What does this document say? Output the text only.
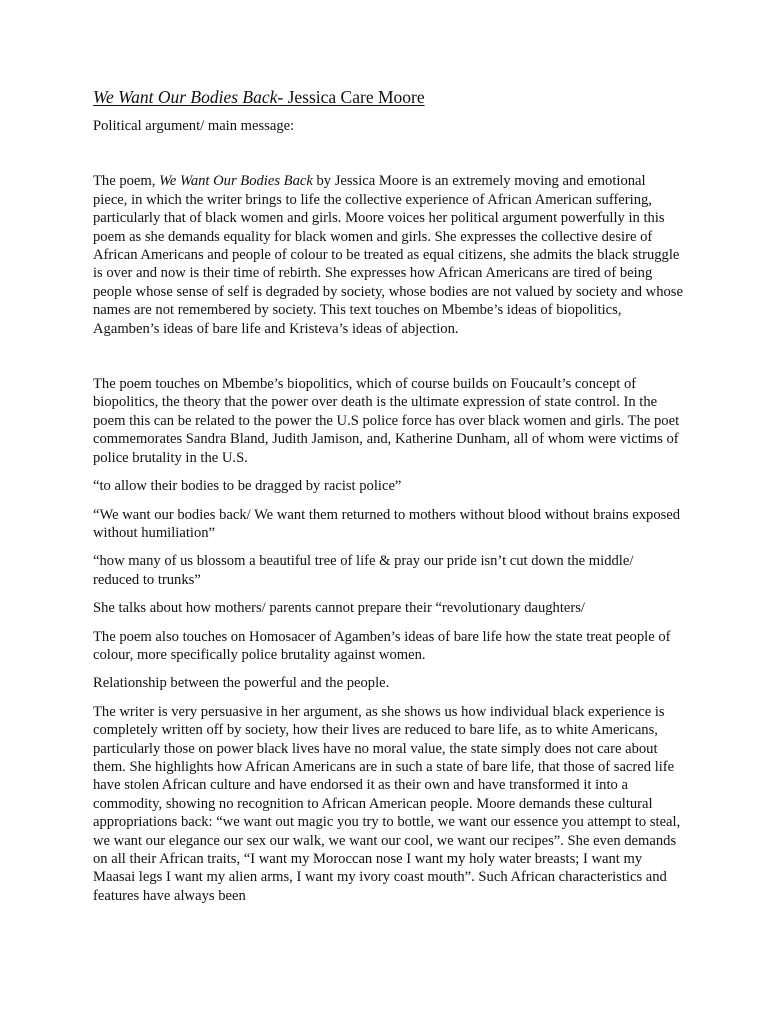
We Want Our Bodies Back- Jessica Care Moore

Political argument/ main message:

The poem, We Want Our Bodies Back by Jessica Moore is an extremely moving and emotional piece, in which the writer brings to life the collective experience of African American suffering, particularly that of black women and girls. Moore voices her political argument powerfully in this poem as she demands equality for black women and girls. She expresses the collective desire of African Americans and people of colour to be treated as equal citizens, she admits the black struggle is over and now is their time of rebirth. She expresses how African Americans are tired of being people whose sense of self is degraded by society, whose bodies are not valued by society and whose names are not remembered by society. This text touches on Mbembe’s ideas of biopolitics, Agamben’s ideas of bare life and Kristeva’s ideas of abjection.

The poem touches on Mbembe’s biopolitics, which of course builds on Foucault’s concept of biopolitics, the theory that the power over death is the ultimate expression of state control. In the poem this can be related to the power the U.S police force has over black women and girls. The poet commemorates Sandra Bland, Judith Jamison, and, Katherine Dunham, all of whom were victims of police brutality in the U.S.

“to allow their bodies to be dragged by racist police”

“We want our bodies back/ We want them returned to mothers without blood without brains exposed without humiliation”

“how many of us blossom a beautiful tree of life & pray our pride isn’t cut down the middle/ reduced to trunks”

She talks about how mothers/ parents cannot prepare their “revolutionary daughters/

The poem also touches on Homosacer of Agamben’s ideas of bare life how the state treat people of colour, more specifically police brutality against women.

Relationship between the powerful and the people.

The writer is very persuasive in her argument, as she shows us how individual black experience is completely written off by society, how their lives are reduced to bare life, as to white Americans, particularly those on power black lives have no moral value, the state simply does not care about them. She highlights how African Americans are in such a state of bare life, that those of sacred life have stolen African culture and have endorsed it as their own and have transformed it into a commodity, showing no recognition to African American people. Moore demands these cultural appropriations back: “we want out magic you try to bottle, we want our essence you attempt to steal, we want our elegance our sex our walk, we want our cool, we want our recipes”. She even demands on all their African traits, “I want my Moroccan nose I want my holy water breasts; I want my Maasai legs I want my alien arms, I want my ivory coast mouth”. Such African characteristics and features have always been
